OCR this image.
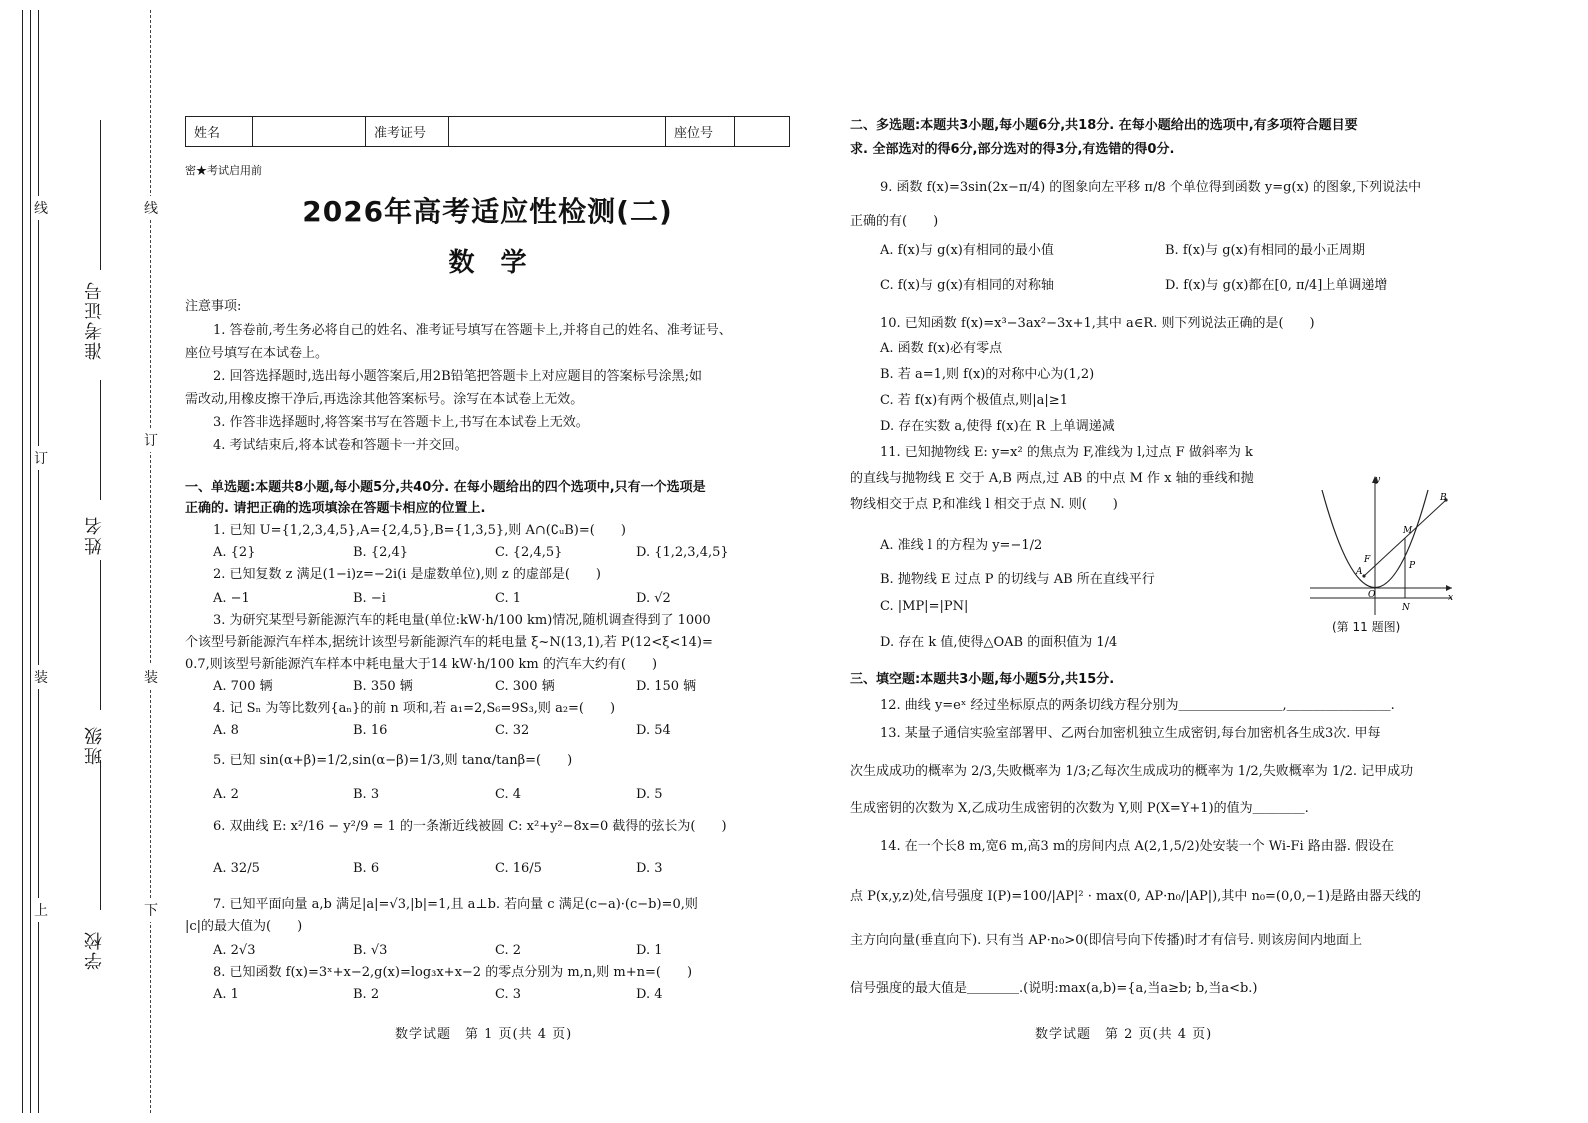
线
订
装
上
线
订
装
下
学校
班级
姓名
准考证号
姓名		准考证号		座位号	
密★考试启用前
2026年高考适应性检测(二)
数　学
注意事项:
1. 答卷前,考生务必将自己的姓名、准考证号填写在答题卡上,并将自己的姓名、准考证号、
座位号填写在本试卷上。
2. 回答选择题时,选出每小题答案后,用2B铅笔把答题卡上对应题目的答案标号涂黑;如
需改动,用橡皮擦干净后,再选涂其他答案标号。涂写在本试卷上无效。
3. 作答非选择题时,将答案书写在答题卡上,书写在本试卷上无效。
4. 考试结束后,将本试卷和答题卡一并交回。
一、单选题:本题共8小题,每小题5分,共40分. 在每小题给出的四个选项中,只有一个选项是
正确的. 请把正确的选项填涂在答题卡相应的位置上.
1. 已知 U={1,2,3,4,5},A={2,4,5},B={1,3,5},则 A∩(∁ᵤB)=(　　)
A. {2}	B. {2,4}	C. {2,4,5}	D. {1,2,3,4,5}
2. 已知复数 z 满足(1−i)z=−2i(i 是虚数单位),则 z 的虚部是(　　)
A. −1	B. −i	C. 1	D. √2
3. 为研究某型号新能源汽车的耗电量(单位:kW·h/100 km)情况,随机调查得到了 1000
个该型号新能源汽车样本,据统计该型号新能源汽车的耗电量 ξ~N(13,1),若 P(12<ξ<14)=
0.7,则该型号新能源汽车样本中耗电量大于14 kW·h/100 km 的汽车大约有(　　)
A. 700 辆	B. 350 辆	C. 300 辆	D. 150 辆
4. 记 Sₙ 为等比数列{aₙ}的前 n 项和,若 a₁=2,S₆=9S₃,则 a₂=(　　)
A. 8	B. 16	C. 32	D. 54
5. 已知 sin(α+β)=1/2,sin(α−β)=1/3,则 tanα/tanβ=(　　)
A. 2	B. 3	C. 4	D. 5
6. 双曲线 E: x²/16 − y²/9 = 1 的一条渐近线被圆 C: x²+y²−8x=0 截得的弦长为(　　)
A. 32/5	B. 6	C. 16/5	D. 3
7. 已知平面向量 a,b 满足|a|=√3,|b|=1,且 a⊥b. 若向量 c 满足(c−a)·(c−b)=0,则
|c|的最大值为(　　)
A. 2√3	B. √3	C. 2	D. 1
8. 已知函数 f(x)=3ˣ+x−2,g(x)=log₃x+x−2 的零点分别为 m,n,则 m+n=(　　)
A. 1	B. 2	C. 3	D. 4
数学试题　第 1 页(共 4 页)
二、多选题:本题共3小题,每小题6分,共18分. 在每小题给出的选项中,有多项符合题目要
求. 全部选对的得6分,部分选对的得3分,有选错的得0分.
9. 函数 f(x)=3sin(2x−π/4) 的图象向左平移 π/8 个单位得到函数 y=g(x) 的图象,下列说法中
正确的有(　　)
A. f(x)与 g(x)有相同的最小值	B. f(x)与 g(x)有相同的最小正周期
C. f(x)与 g(x)有相同的对称轴	D. f(x)与 g(x)都在[0, π/4]上单调递增
10. 已知函数 f(x)=x³−3ax²−3x+1,其中 a∈R. 则下列说法正确的是(　　)
A. 函数 f(x)必有零点
B. 若 a=1,则 f(x)的对称中心为(1,2)
C. 若 f(x)有两个极值点,则|a|≥1
D. 存在实数 a,使得 f(x)在 R 上单调递减
11. 已知抛物线 E: y=x² 的焦点为 F,准线为 l,过点 F 做斜率为 k
的直线与抛物线 E 交于 A,B 两点,过 AB 的中点 M 作 x 轴的垂线和抛
物线相交于点 P,和准线 l 相交于点 N. 则(　　)
A. 准线 l 的方程为 y=−1/2
B. 抛物线 E 过点 P 的切线与 AB 所在直线平行
C. |MP|=|PN|
D. 存在 k 值,使得△OAB 的面积值为 1/4
y
x
O
A
B
F
M
P
N
(第 11 题图)
三、填空题:本题共3小题,每小题5分,共15分.
12. 曲线 y=eˣ 经过坐标原点的两条切线方程分别为＿＿＿＿＿＿＿＿,＿＿＿＿＿＿＿＿.
13. 某量子通信实验室部署甲、乙两台加密机独立生成密钥,每台加密机各生成3次. 甲每
次生成成功的概率为 2/3,失败概率为 1/3;乙每次生成成功的概率为 1/2,失败概率为 1/2. 记甲成功
生成密钥的次数为 X,乙成功生成密钥的次数为 Y,则 P(X=Y+1)的值为＿＿＿＿.
14. 在一个长8 m,宽6 m,高3 m的房间内点 A(2,1,5/2)处安装一个 Wi-Fi 路由器. 假设在
点 P(x,y,z)处,信号强度 I(P)=100/|AP|² · max(0, AP·n₀/|AP|),其中 n₀=(0,0,−1)是路由器天线的
主方向向量(垂直向下). 只有当 AP·n₀>0(即信号向下传播)时才有信号. 则该房间内地面上
信号强度的最大值是＿＿＿＿.(说明:max(a,b)={a,当a≥b; b,当a<b.)
数学试题　第 2 页(共 4 页)
